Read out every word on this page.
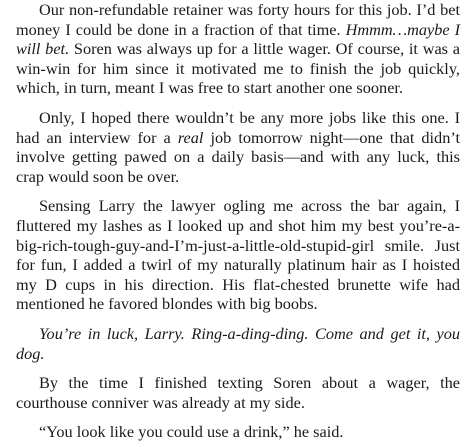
Our non-refundable retainer was forty hours for this job. I’d bet money I could be done in a fraction of that time. Hmmm…maybe I will bet. Soren was always up for a little wager. Of course, it was a win-win for him since it motivated me to finish the job quickly, which, in turn, meant I was free to start another one sooner.

Only, I hoped there wouldn’t be any more jobs like this one. I had an interview for a real job tomorrow night—one that didn’t involve getting pawed on a daily basis—and with any luck, this crap would soon be over.

Sensing Larry the lawyer ogling me across the bar again, I fluttered my lashes as I looked up and shot him my best you’re-a-big-rich-tough-guy-and-I’m-just-a-little-old-stupid-girl smile. Just for fun, I added a twirl of my naturally platinum hair as I hoisted my D cups in his direction. His flat-chested brunette wife had mentioned he favored blondes with big boobs.

You’re in luck, Larry. Ring-a-ding-ding. Come and get it, you dog.

By the time I finished texting Soren about a wager, the courthouse conniver was already at my side.

“You look like you could use a drink,” he said.
